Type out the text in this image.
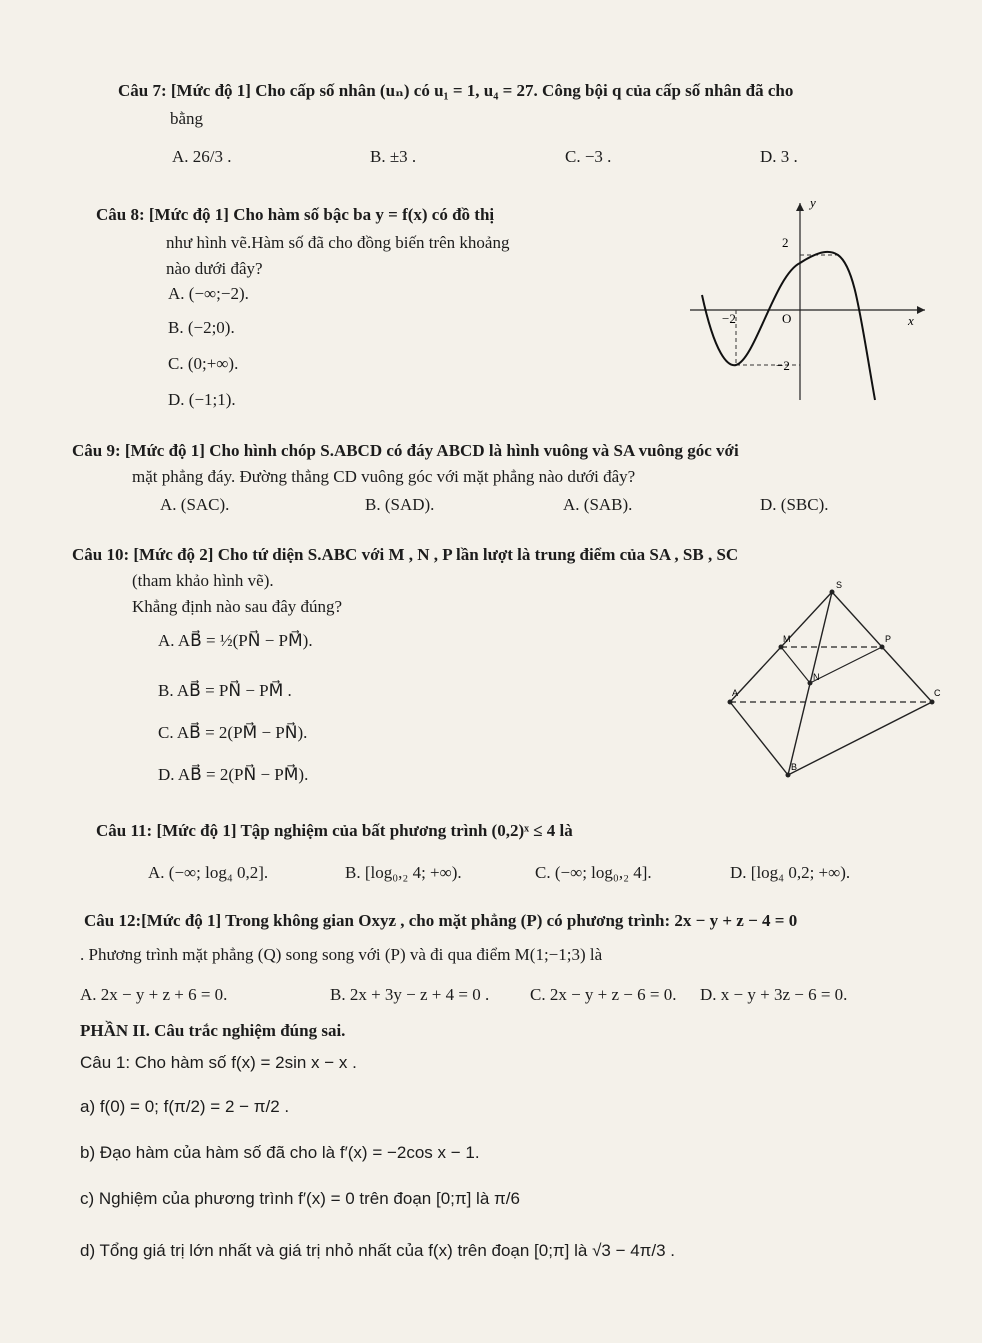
Câu 7: [Mức độ 1] Cho cấp số nhân (uₙ) có u₁ = 1, u₄ = 27. Công bội q của cấp số nhân đã cho
bằng
A. 26/3 .	B. ±3 .	C. −3 .	D. 3 .
Câu 8: [Mức độ 1] Cho hàm số bậc ba y = f(x) có đồ thị
như hình vẽ.Hàm số đã cho đồng biến trên khoảng
nào dưới đây?
A. (−∞;−2).
B. (−2;0).
C. (0;+∞).
D. (−1;1).
y
x
O
−2
2
−2
Câu 9: [Mức độ 1] Cho hình chóp S.ABCD có đáy ABCD là hình vuông và SA vuông góc với
mặt phẳng đáy. Đường thẳng CD vuông góc với mặt phẳng nào dưới đây?
A. (SAC).	B. (SAD).	A. (SAB).	D. (SBC).
Câu 10: [Mức độ 2] Cho tứ diện S.ABC với M , N , P lần lượt là trung điểm của SA , SB , SC
(tham khảo hình vẽ).
Khẳng định nào sau đây đúng?
A. AB⃗ = ½(PN⃗ − PM⃗).
B. AB⃗ = PN⃗ − PM⃗ .
C. AB⃗ = 2(PM⃗ − PN⃗).
D. AB⃗ = 2(PN⃗ − PM⃗).
S
M	P
N
A	C
B
Câu 11: [Mức độ 1] Tập nghiệm của bất phương trình (0,2)ˣ ≤ 4 là
A. (−∞; log₄ 0,2].	B. [log₀,₂ 4; +∞).	C. (−∞; log₀,₂ 4].	D. [log₄ 0,2; +∞).
Câu 12:[Mức độ 1] Trong không gian Oxyz , cho mặt phẳng (P) có phương trình: 2x − y + z − 4 = 0
. Phương trình mặt phẳng (Q) song song với (P) và đi qua điểm M(1;−1;3) là
A. 2x − y + z + 6 = 0.	B. 2x + 3y − z + 4 = 0 . C. 2x − y + z − 6 = 0. D. x − y + 3z − 6 = 0.
PHẦN II. Câu trắc nghiệm đúng sai.
Câu 1: Cho hàm số f(x) = 2sin x − x .
a) f(0) = 0; f(π/2) = 2 − π/2 .
b) Đạo hàm của hàm số đã cho là f′(x) = −2cos x − 1.
c) Nghiệm của phương trình f′(x) = 0 trên đoạn [0;π] là π/6
d) Tổng giá trị lớn nhất và giá trị nhỏ nhất của f(x) trên đoạn [0;π] là √3 − 4π/3 .
